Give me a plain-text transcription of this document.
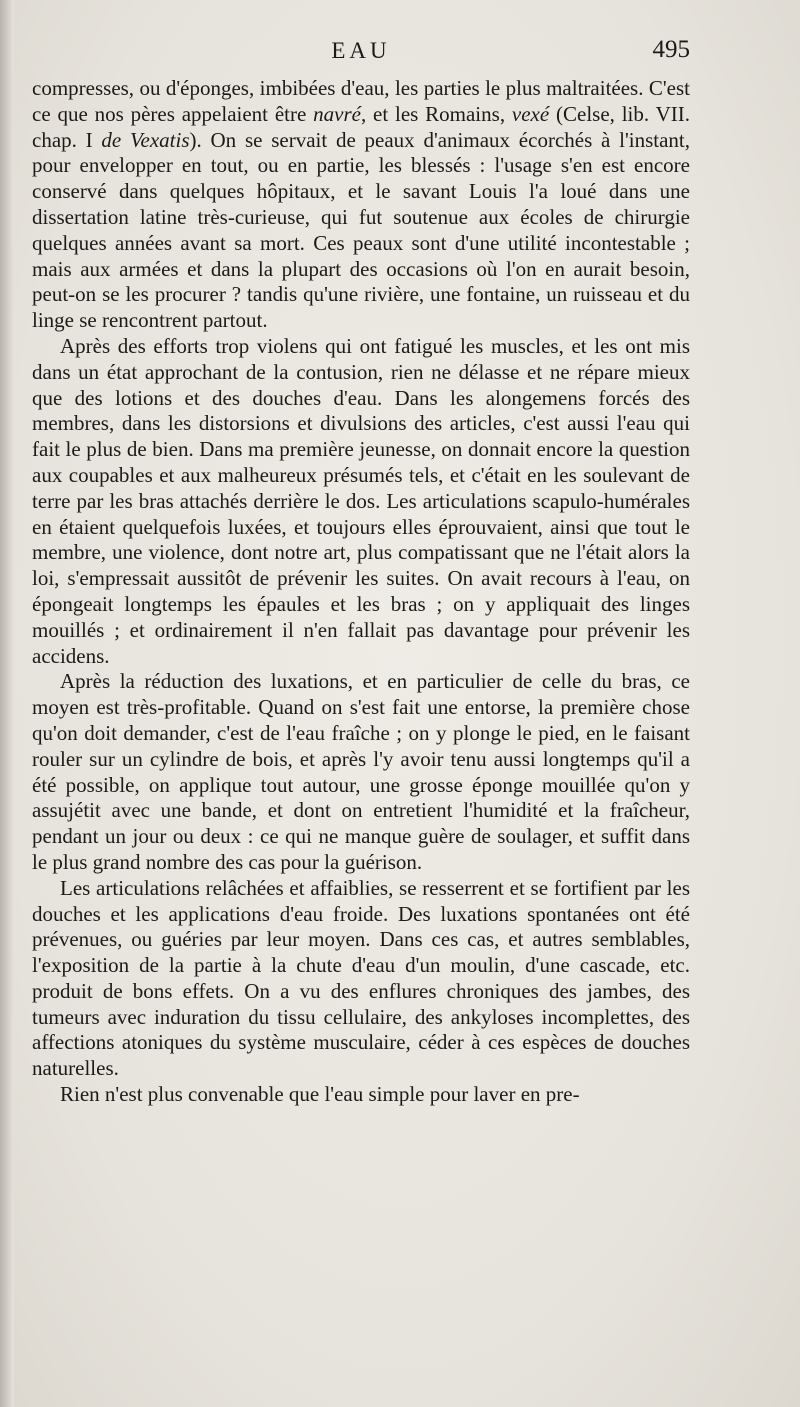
EAU	495

compresses, ou d'éponges, imbibées d'eau, les parties le plus maltraitées. C'est ce que nos pères appelaient être navré, et les Romains, vexé (Celse, lib. VII. chap. I de Vexatis). On se servait de peaux d'animaux écorchés à l'instant, pour envelopper en tout, ou en partie, les blessés : l'usage s'en est encore conservé dans quelques hôpitaux, et le savant Louis l'a loué dans une dissertation latine très-curieuse, qui fut soutenue aux écoles de chirurgie quelques années avant sa mort. Ces peaux sont d'une utilité incontestable ; mais aux armées et dans la plupart des occasions où l'on en aurait besoin, peut-on se les procurer ? tandis qu'une rivière, une fontaine, un ruisseau et du linge se rencontrent partout.

Après des efforts trop violens qui ont fatigué les muscles, et les ont mis dans un état approchant de la contusion, rien ne délasse et ne répare mieux que des lotions et des douches d'eau. Dans les alongemens forcés des membres, dans les distorsions et divulsions des articles, c'est aussi l'eau qui fait le plus de bien. Dans ma première jeunesse, on donnait encore la question aux coupables et aux malheureux présumés tels, et c'était en les soulevant de terre par les bras attachés derrière le dos. Les articulations scapulo-humérales en étaient quelquefois luxées, et toujours elles éprouvaient, ainsi que tout le membre, une violence, dont notre art, plus compatissant que ne l'était alors la loi, s'empressait aussitôt de prévenir les suites. On avait recours à l'eau, on épongeait longtemps les épaules et les bras ; on y appliquait des linges mouillés ; et ordinairement il n'en fallait pas davantage pour prévenir les accidens.

Après la réduction des luxations, et en particulier de celle du bras, ce moyen est très-profitable. Quand on s'est fait une entorse, la première chose qu'on doit demander, c'est de l'eau fraîche ; on y plonge le pied, en le faisant rouler sur un cylindre de bois, et après l'y avoir tenu aussi longtemps qu'il a été possible, on applique tout autour, une grosse éponge mouillée qu'on y assujétit avec une bande, et dont on entretient l'humidité et la fraîcheur, pendant un jour ou deux : ce qui ne manque guère de soulager, et suffit dans le plus grand nombre des cas pour la guérison.

Les articulations relâchées et affaiblies, se resserrent et se fortifient par les douches et les applications d'eau froide. Des luxations spontanées ont été prévenues, ou guéries par leur moyen. Dans ces cas, et autres semblables, l'exposition de la partie à la chute d'eau d'un moulin, d'une cascade, etc. produit de bons effets. On a vu des enflures chroniques des jambes, des tumeurs avec induration du tissu cellulaire, des ankyloses incomplettes, des affections atoniques du système musculaire, céder à ces espèces de douches naturelles.

Rien n'est plus convenable que l'eau simple pour laver en pre-
